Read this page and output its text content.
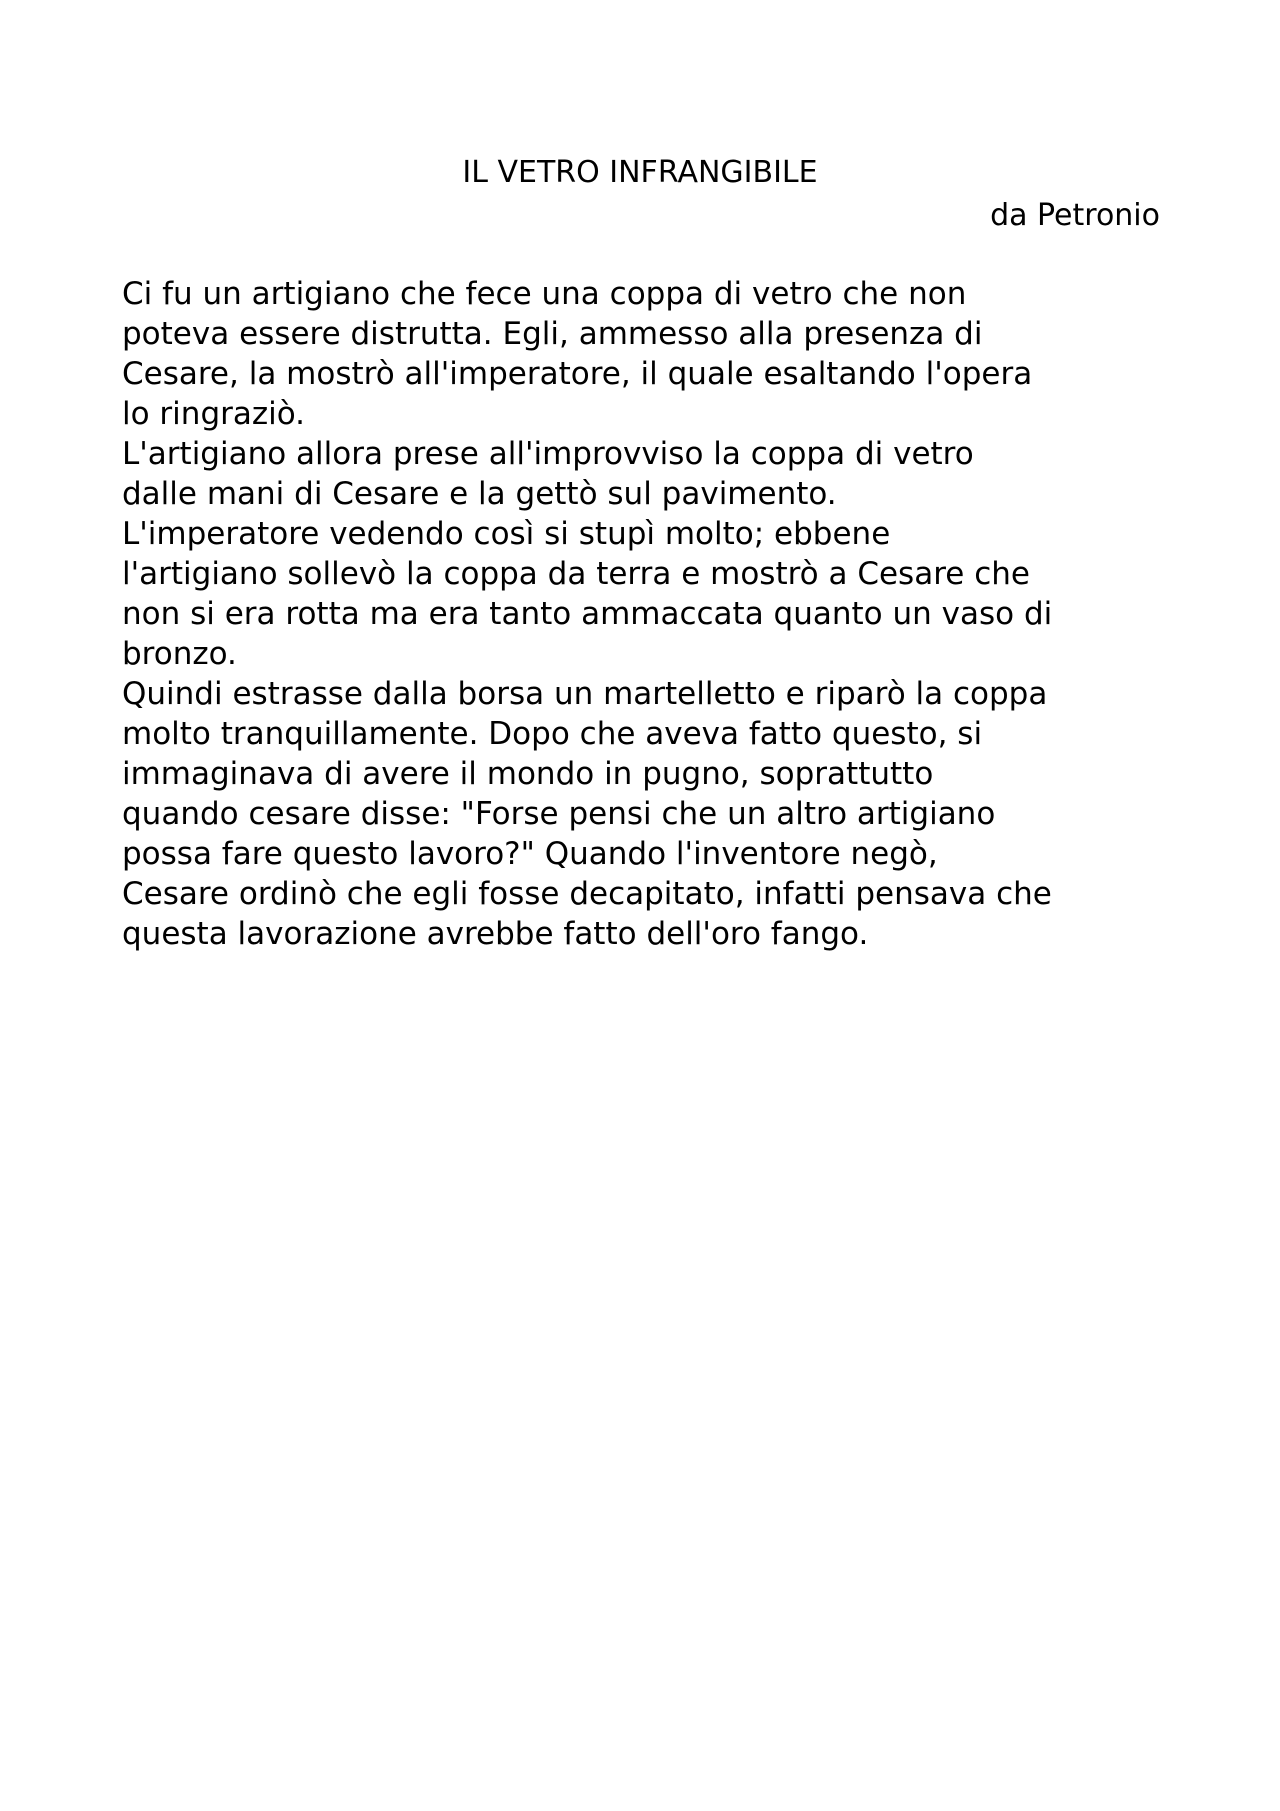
IL VETRO INFRANGIBILE
da Petronio
Ci fu un artigiano che fece una coppa di vetro che non
poteva essere distrutta. Egli, ammesso alla presenza di
Cesare, la mostrò all'imperatore, il quale esaltando l'opera
lo ringraziò.
L'artigiano allora prese all'improvviso la coppa di vetro
dalle mani di Cesare e la gettò sul pavimento.
L'imperatore vedendo così si stupì molto; ebbene
l'artigiano sollevò la coppa da terra e mostrò a Cesare che
non si era rotta ma era tanto ammaccata quanto un vaso di
bronzo.
Quindi estrasse dalla borsa un martelletto e riparò la coppa
molto tranquillamente. Dopo che aveva fatto questo, si
immaginava di avere il mondo in pugno, soprattutto
quando cesare disse: "Forse pensi che un altro artigiano
possa fare questo lavoro?" Quando l'inventore negò,
Cesare ordinò che egli fosse decapitato, infatti pensava che
questa lavorazione avrebbe fatto dell'oro fango.
